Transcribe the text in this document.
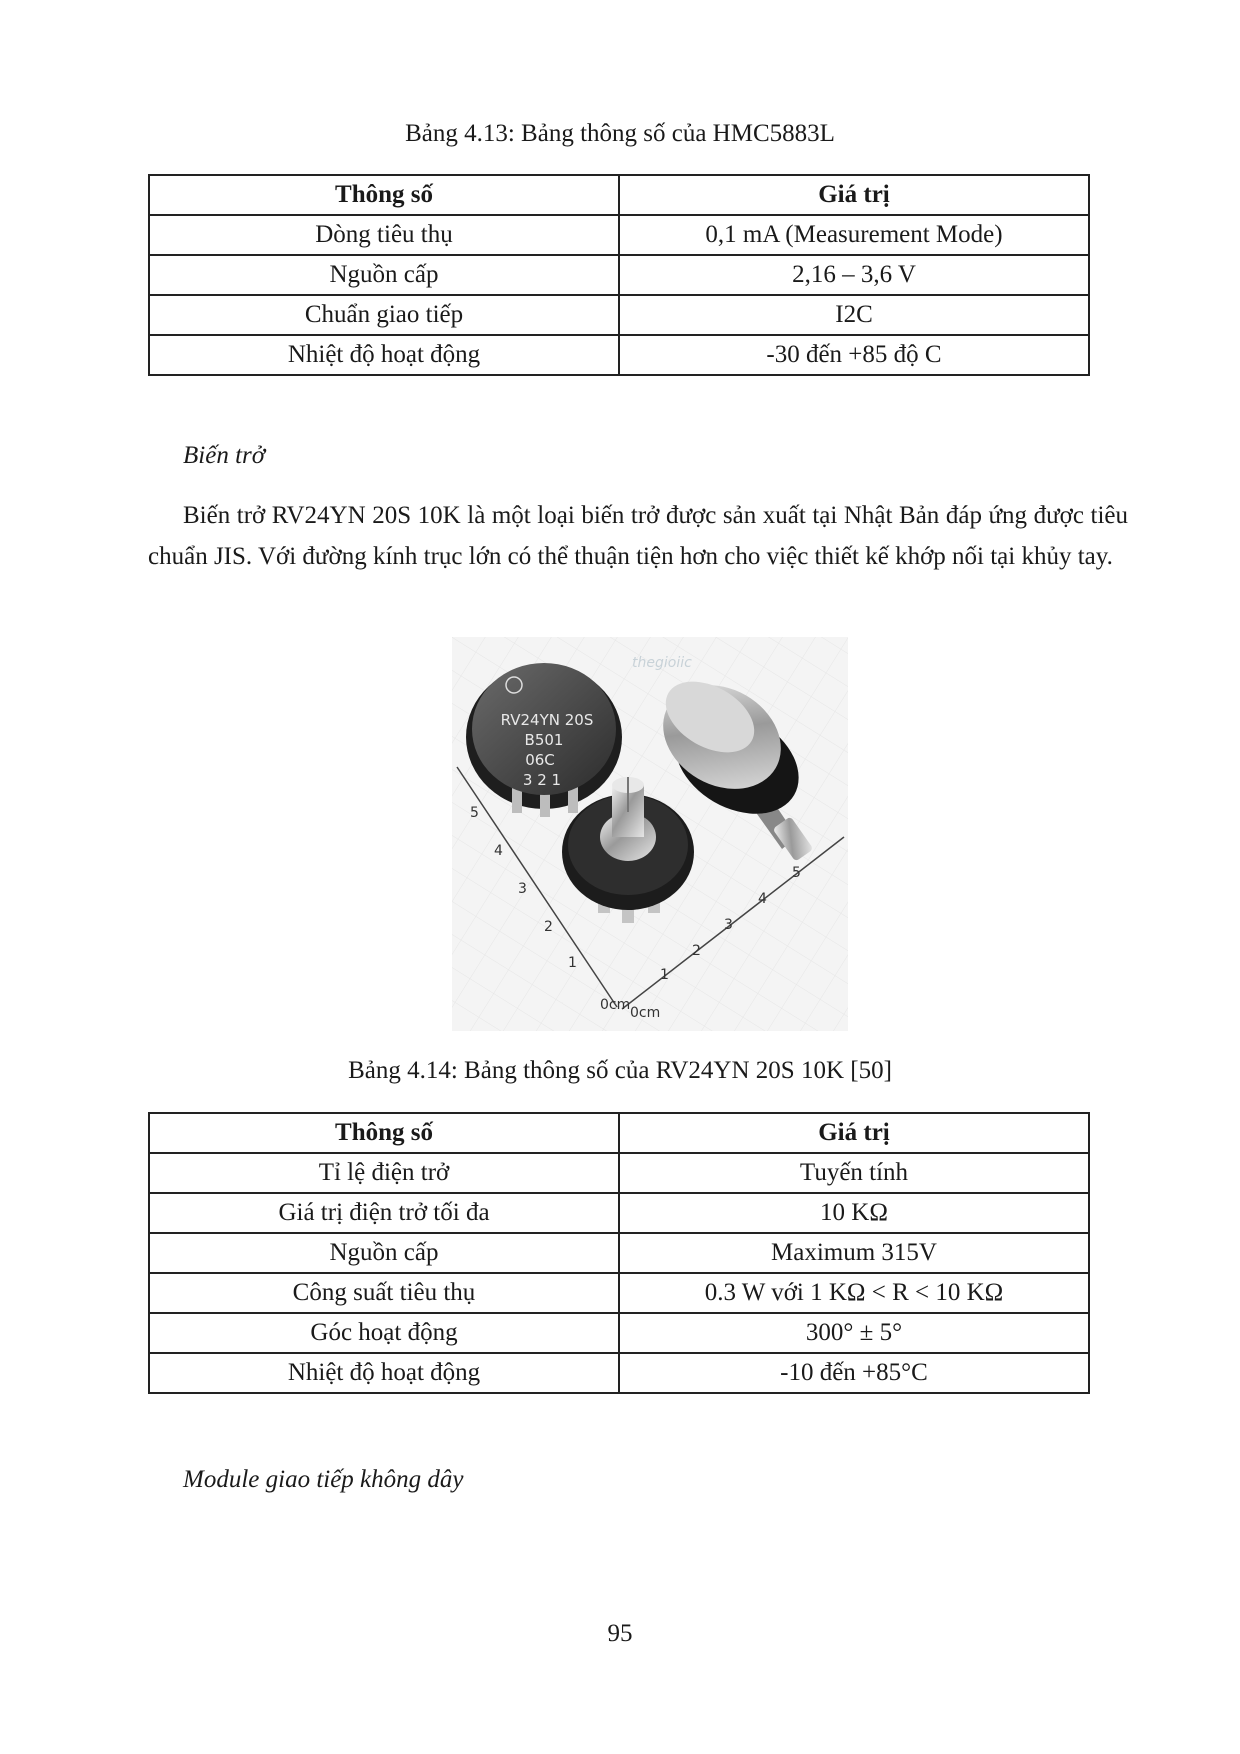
Bảng 4.13: Bảng thông số của HMC5883L
Thông số	Giá trị
Dòng tiêu thụ	0,1 mA (Measurement Mode)
Nguồn cấp	2,16 – 3,6 V
Chuẩn giao tiếp	I2C
Nhiệt độ hoạt động	-30 đến +85 độ C
Biến trở
Biến trở RV24YN 20S 10K là một loại biến trở được sản xuất tại Nhật Bản đáp ứng được tiêu chuẩn JIS. Với đường kính trục lớn có thể thuận tiện hơn cho việc thiết kế khớp nối tại khủy tay.
5
4
3
2
1
0cm 0cm
1
2
3
4
5
thegioiic
RV24YN 20S
B501
06C
3 2 1
Bảng 4.14: Bảng thông số của RV24YN 20S 10K [50]
Thông số	Giá trị
Tỉ lệ điện trở	Tuyến tính
Giá trị điện trở tối đa	10 KΩ
Nguồn cấp	Maximum 315V
Công suất tiêu thụ	0.3 W với 1 KΩ < R < 10 KΩ
Góc hoạt động	300° ± 5°
Nhiệt độ hoạt động	-10 đến +85°C
Module giao tiếp không dây
95
